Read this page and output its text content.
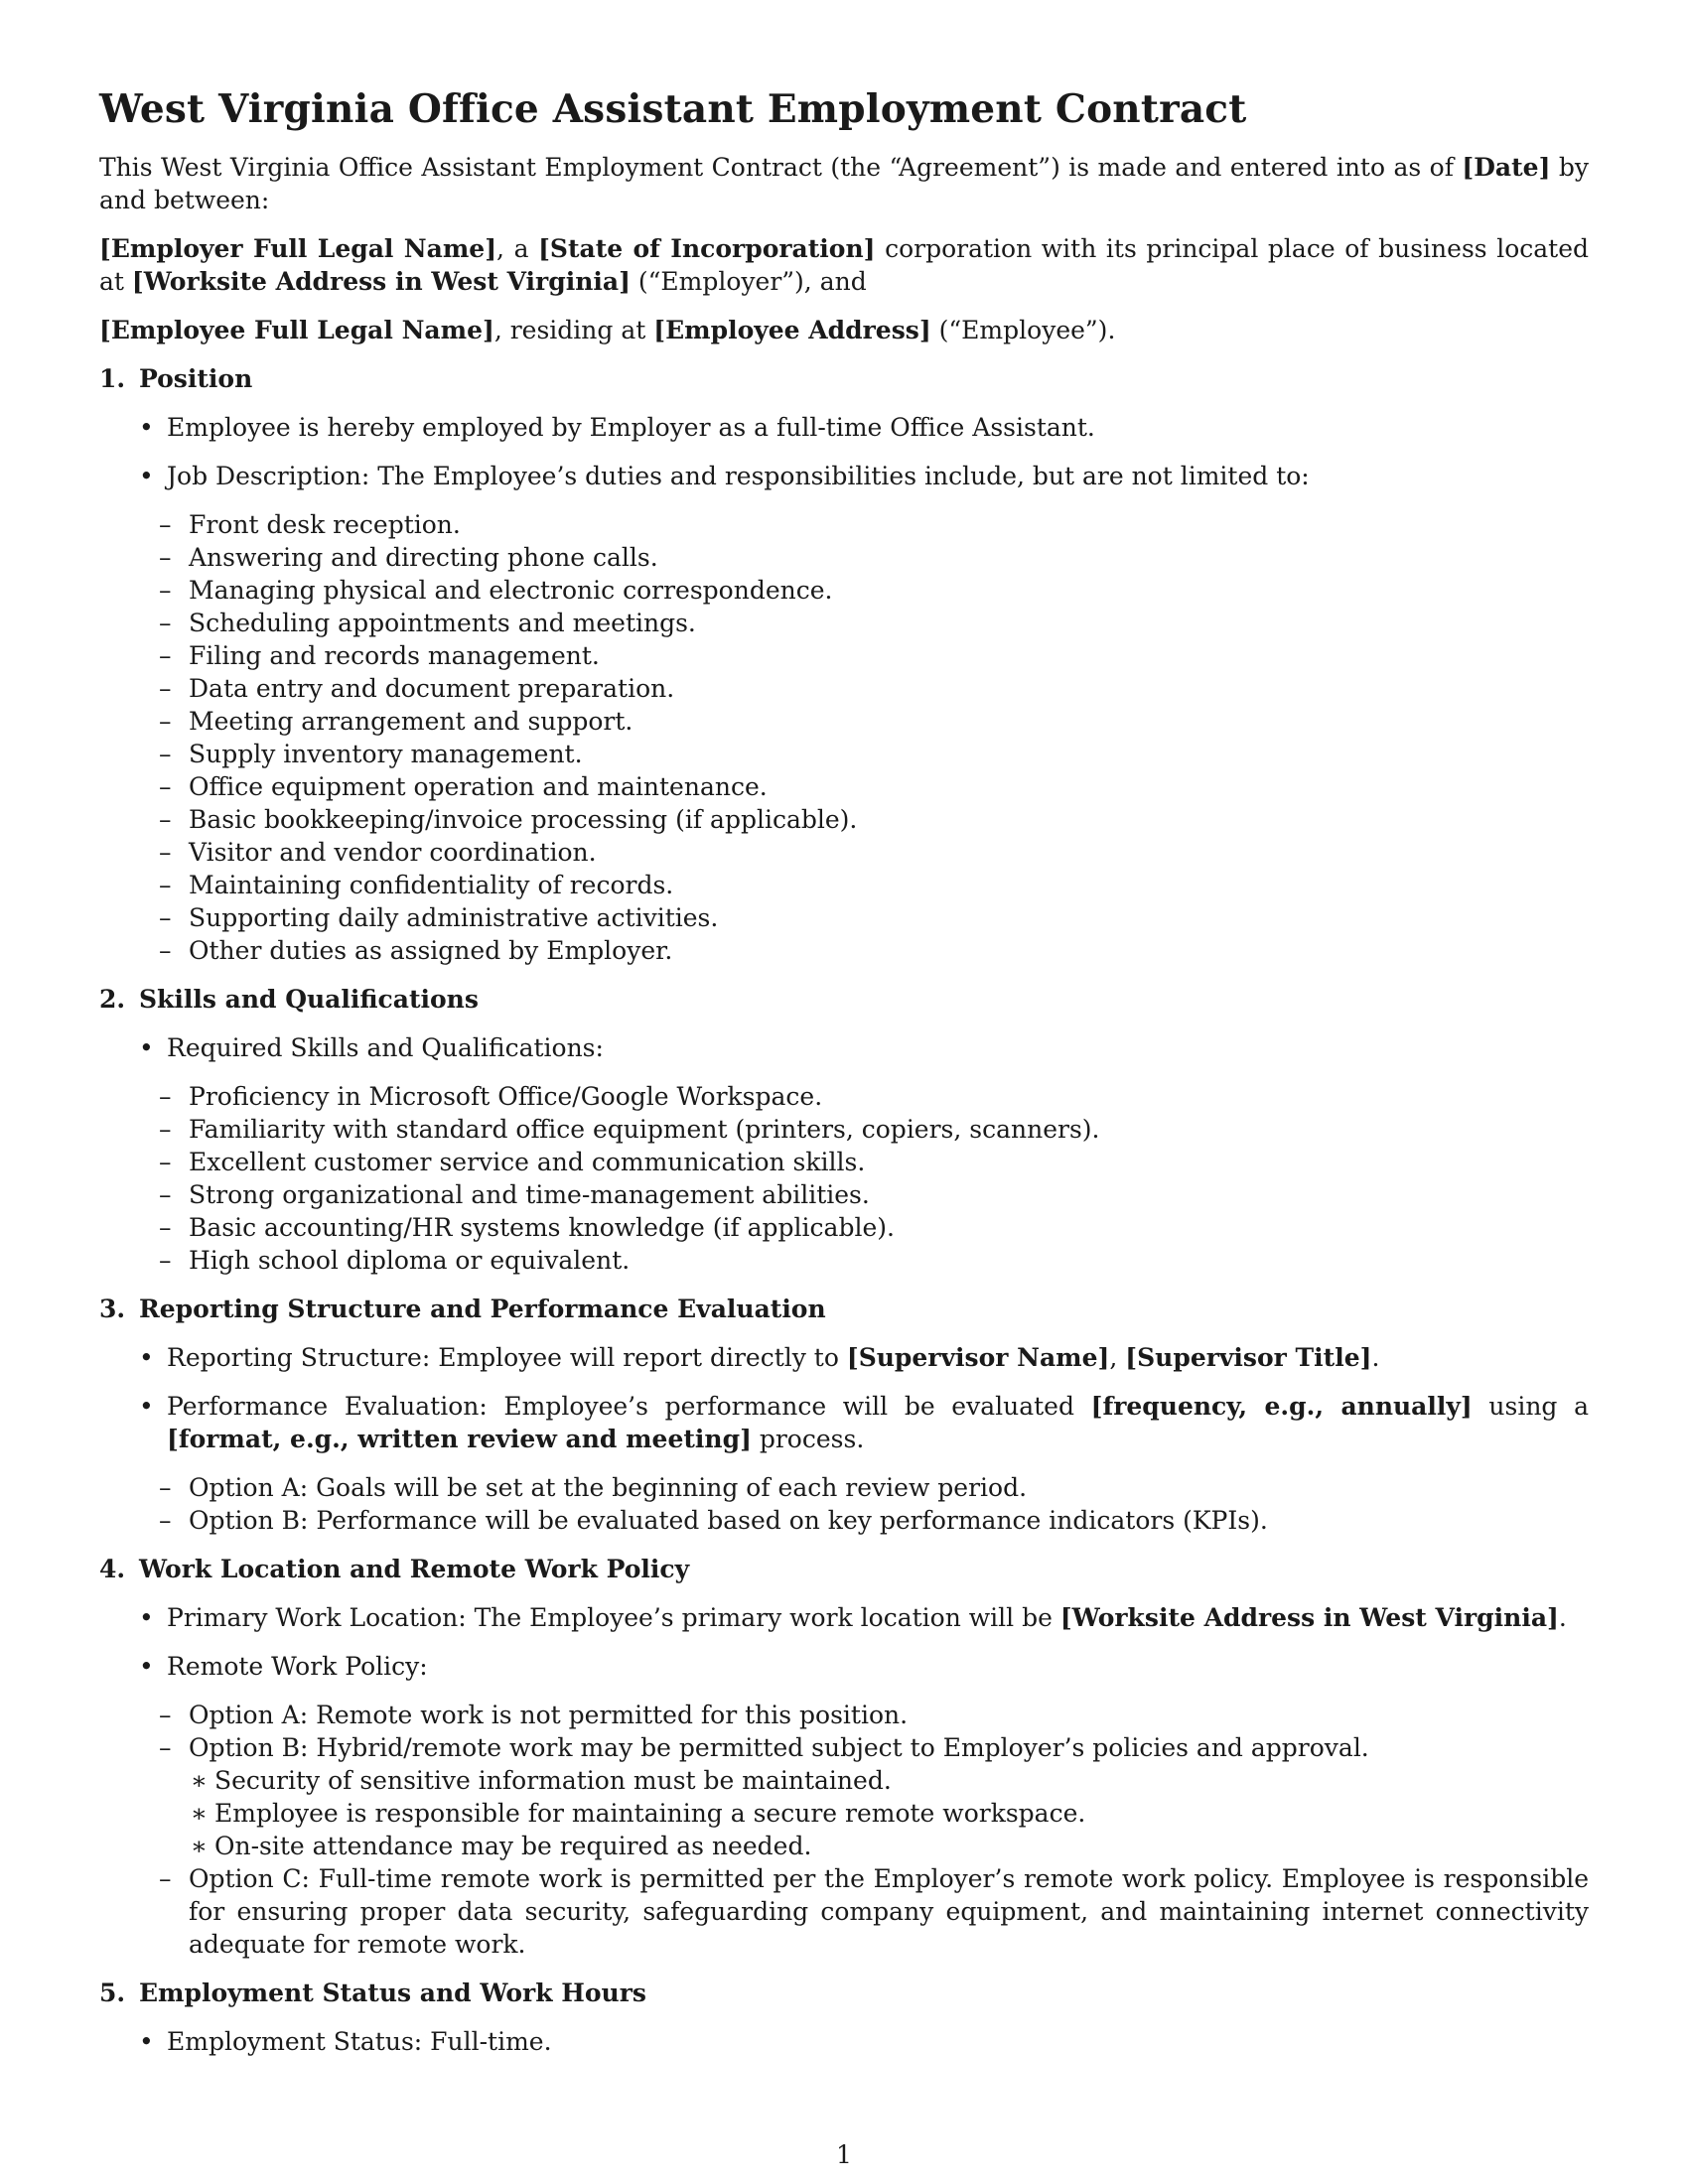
West Virginia Office Assistant Employment Contract

This West Virginia Office Assistant Employment Contract (the “Agreement”) is made and entered into as of [Date] by and between:

[Employer Full Legal Name], a [State of Incorporation] corporation with its principal place of business located at [Worksite Address in West Virginia] (“Employer”), and

[Employee Full Legal Name], residing at [Employee Address] (“Employee”).

1. Position
• Employee is hereby employed by Employer as a full-time Office Assistant.
• Job Description: The Employee’s duties and responsibilities include, but are not limited to:
– Front desk reception.
– Answering and directing phone calls.
– Managing physical and electronic correspondence.
– Scheduling appointments and meetings.
– Filing and records management.
– Data entry and document preparation.
– Meeting arrangement and support.
– Supply inventory management.
– Office equipment operation and maintenance.
– Basic bookkeeping/invoice processing (if applicable).
– Visitor and vendor coordination.
– Maintaining confidentiality of records.
– Supporting daily administrative activities.
– Other duties as assigned by Employer.
2. Skills and Qualifications
• Required Skills and Qualifications:
– Proficiency in Microsoft Office/Google Workspace.
– Familiarity with standard office equipment (printers, copiers, scanners).
– Excellent customer service and communication skills.
– Strong organizational and time-management abilities.
– Basic accounting/HR systems knowledge (if applicable).
– High school diploma or equivalent.
3. Reporting Structure and Performance Evaluation
• Reporting Structure: Employee will report directly to [Supervisor Name], [Supervisor Title].
• Performance Evaluation: Employee’s performance will be evaluated [frequency, e.g., annually] using a [format, e.g., written review and meeting] process.
– Option A: Goals will be set at the beginning of each review period.
– Option B: Performance will be evaluated based on key performance indicators (KPIs).
4. Work Location and Remote Work Policy
• Primary Work Location: The Employee’s primary work location will be [Worksite Address in West Virginia].
• Remote Work Policy:
– Option A: Remote work is not permitted for this position.
– Option B: Hybrid/remote work may be permitted subject to Employer’s policies and approval.
∗ Security of sensitive information must be maintained.
∗ Employee is responsible for maintaining a secure remote workspace.
∗ On-site attendance may be required as needed.
– Option C: Full-time remote work is permitted per the Employer’s remote work policy. Employee is responsible for ensuring proper data security, safeguarding company equipment, and maintaining internet connectivity adequate for remote work.
5. Employment Status and Work Hours
• Employment Status: Full-time.
1
